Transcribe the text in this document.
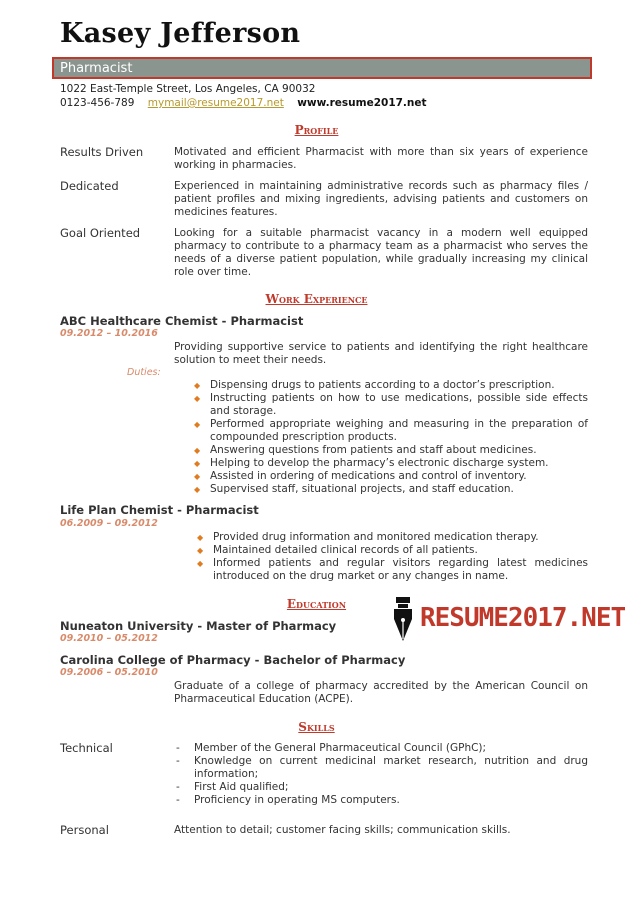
Kasey Jefferson
Pharmacist
1022 East-Temple Street, Los Angeles, CA 90032
0123-456-789 mymail@resume2017.net www.resume2017.net
Profile
Results Driven	Motivated and efficient Pharmacist with more than six years of experience working in pharmacies.
Dedicated	Experienced in maintaining administrative records such as pharmacy files / patient profiles and mixing ingredients, advising patients and customers on medicines features.
Goal Oriented	Looking for a suitable pharmacist vacancy in a modern well equipped pharmacy to contribute to a pharmacy team as a pharmacist who serves the needs of a diverse patient population, while gradually increasing my clinical role over time.
Work Experience
ABC Healthcare Chemist - Pharmacist
09.2012 – 10.2016
Providing supportive service to patients and identifying the right healthcare solution to meet their needs.
Duties:
◆ Dispensing drugs to patients according to a doctor’s prescription.
◆ Instructing patients on how to use medications, possible side effects and storage.
◆ Performed appropriate weighing and measuring in the preparation of compounded prescription products.
◆ Answering questions from patients and staff about medicines.
◆ Helping to develop the pharmacy’s electronic discharge system.
◆ Assisted in ordering of medications and control of inventory.
◆ Supervised staff, situational projects, and staff education.
Life Plan Chemist - Pharmacist
06.2009 – 09.2012
◆ Provided drug information and monitored medication therapy.
◆ Maintained detailed clinical records of all patients.
◆ Informed patients and regular visitors regarding latest medicines introduced on the drug market or any changes in name.
Education
Nuneaton University - Master of Pharmacy
09.2010 – 05.2012
Carolina College of Pharmacy - Bachelor of Pharmacy
09.2006 – 05.2010
Graduate of a college of pharmacy accredited by the American Council on Pharmaceutical Education (ACPE).
RESUME2017.NET
Skills
Technical
-	Member of the General Pharmaceutical Council (GPhC);
- Knowledge on current medicinal market research, nutrition and drug information;
- First Aid qualified;
- Proficiency in operating MS computers.
Personal	Attention to detail; customer facing skills; communication skills.
